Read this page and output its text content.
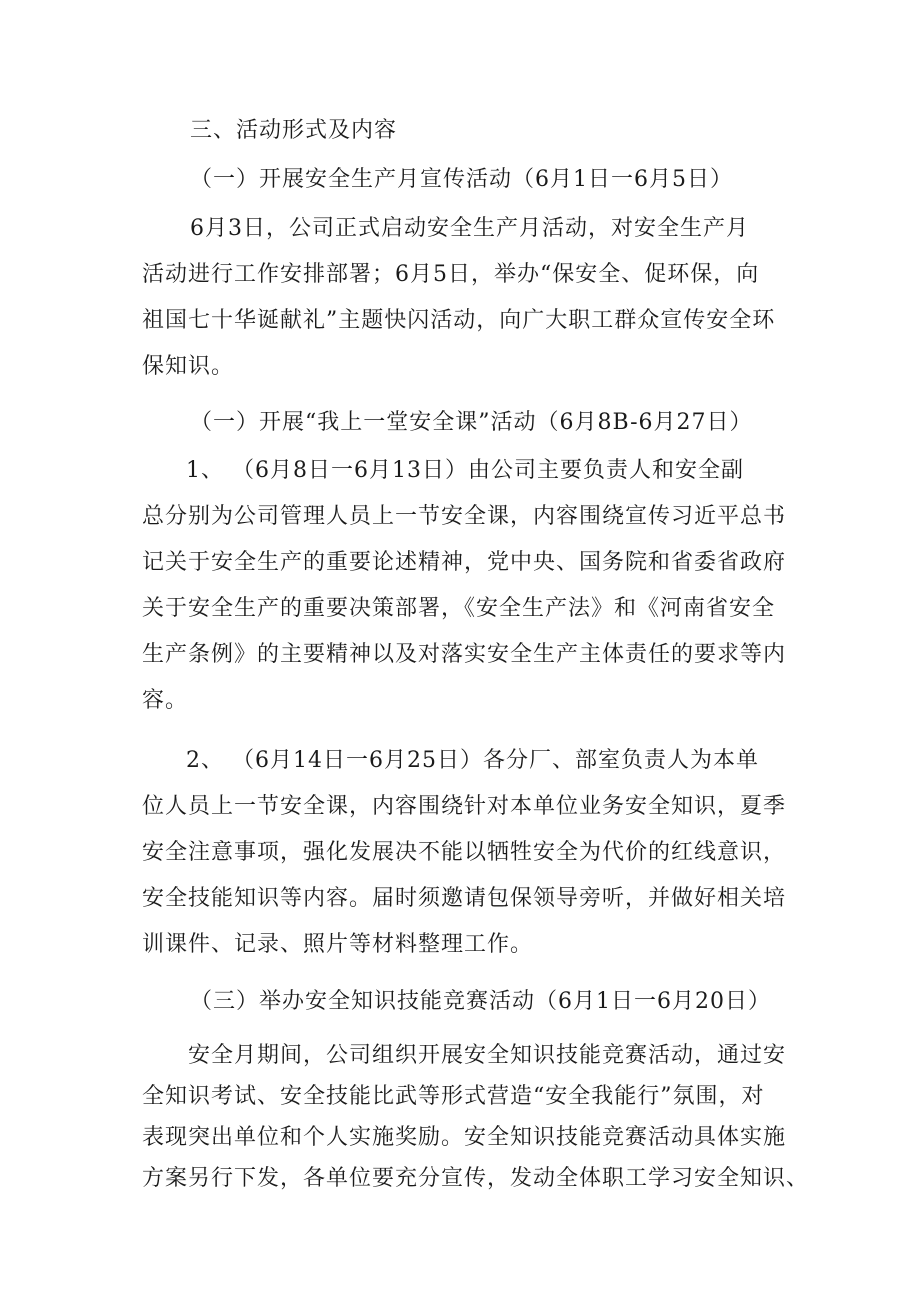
三、活动形式及内容
（一）开展安全生产月宣传活动（6月1日一6月5日）
6月3日，公司正式启动安全生产月活动，对安全生产月
活动进行工作安排部署；6月5日，举办“保安全、促环保，向
祖国七十华诞献礼”主题快闪活动，向广大职工群众宣传安全环
保知识。
（一）开展“我上一堂安全课”活动（6月8B-6月27日）
1、 （6月8日一6月13日）由公司主要负责人和安全副
总分别为公司管理人员上一节安全课，内容围绕宣传习近平总书
记关于安全生产的重要论述精神，党中央、国务院和省委省政府
关于安全生产的重要决策部署，《安全生产法》和《河南省安全
生产条例》的主要精神以及对落实安全生产主体责任的要求等内
容。
2、 （6月14日一6月25日）各分厂、部室负责人为本单
位人员上一节安全课，内容围绕针对本单位业务安全知识，夏季
安全注意事项，强化发展决不能以牺牲安全为代价的红线意识，
安全技能知识等内容。届时须邀请包保领导旁听，并做好相关培
训课件、记录、照片等材料整理工作。
（三）举办安全知识技能竞赛活动（6月1日一6月20日）
安全月期间，公司组织开展安全知识技能竞赛活动，通过安
全知识考试、安全技能比武等形式营造“安全我能行”氛围，对
表现突出单位和个人实施奖励。安全知识技能竞赛活动具体实施
方案另行下发，各单位要充分宣传，发动全体职工学习安全知识、
